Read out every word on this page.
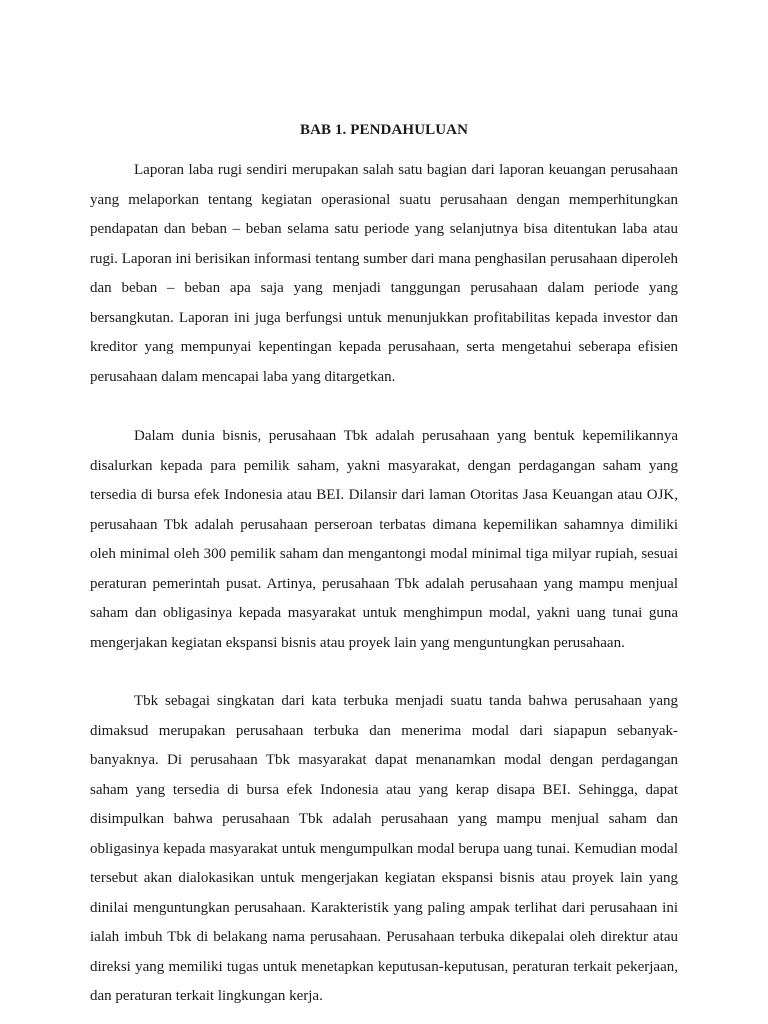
BAB 1. PENDAHULUAN

Laporan laba rugi sendiri merupakan salah satu bagian dari laporan keuangan perusahaan yang melaporkan tentang kegiatan operasional suatu perusahaan dengan memperhitungkan pendapatan dan beban – beban selama satu periode yang selanjutnya bisa ditentukan laba atau rugi. Laporan ini berisikan informasi tentang sumber dari mana penghasilan perusahaan diperoleh dan beban – beban apa saja yang menjadi tanggungan perusahaan dalam periode yang bersangkutan. Laporan ini juga berfungsi untuk menunjukkan profitabilitas kepada investor dan kreditor yang mempunyai kepentingan kepada perusahaan, serta mengetahui seberapa efisien perusahaan dalam mencapai laba yang ditargetkan.

Dalam dunia bisnis, perusahaan Tbk adalah perusahaan yang bentuk kepemilikannya disalurkan kepada para pemilik saham, yakni masyarakat, dengan perdagangan saham yang tersedia di bursa efek Indonesia atau BEI. Dilansir dari laman Otoritas Jasa Keuangan atau OJK, perusahaan Tbk adalah perusahaan perseroan terbatas dimana kepemilikan sahamnya dimiliki oleh minimal oleh 300 pemilik saham dan mengantongi modal minimal tiga milyar rupiah, sesuai peraturan pemerintah pusat. Artinya, perusahaan Tbk adalah perusahaan yang mampu menjual saham dan obligasinya kepada masyarakat untuk menghimpun modal, yakni uang tunai guna mengerjakan kegiatan ekspansi bisnis atau proyek lain yang menguntungkan perusahaan.

Tbk sebagai singkatan dari kata terbuka menjadi suatu tanda bahwa perusahaan yang dimaksud merupakan perusahaan terbuka dan menerima modal dari siapapun sebanyak-banyaknya. Di perusahaan Tbk masyarakat dapat menanamkan modal dengan perdagangan saham yang tersedia di bursa efek Indonesia atau yang kerap disapa BEI. Sehingga, dapat disimpulkan bahwa perusahaan Tbk adalah perusahaan yang mampu menjual saham dan obligasinya kepada masyarakat untuk mengumpulkan modal berupa uang tunai. Kemudian modal tersebut akan dialokasikan untuk mengerjakan kegiatan ekspansi bisnis atau proyek lain yang dinilai menguntungkan perusahaan. Karakteristik yang paling ampak terlihat dari perusahaan ini ialah imbuh Tbk di belakang nama perusahaan. Perusahaan terbuka dikepalai oleh direktur atau direksi yang memiliki tugas untuk menetapkan keputusan-keputusan, peraturan terkait pekerjaan, dan peraturan terkait lingkungan kerja.
